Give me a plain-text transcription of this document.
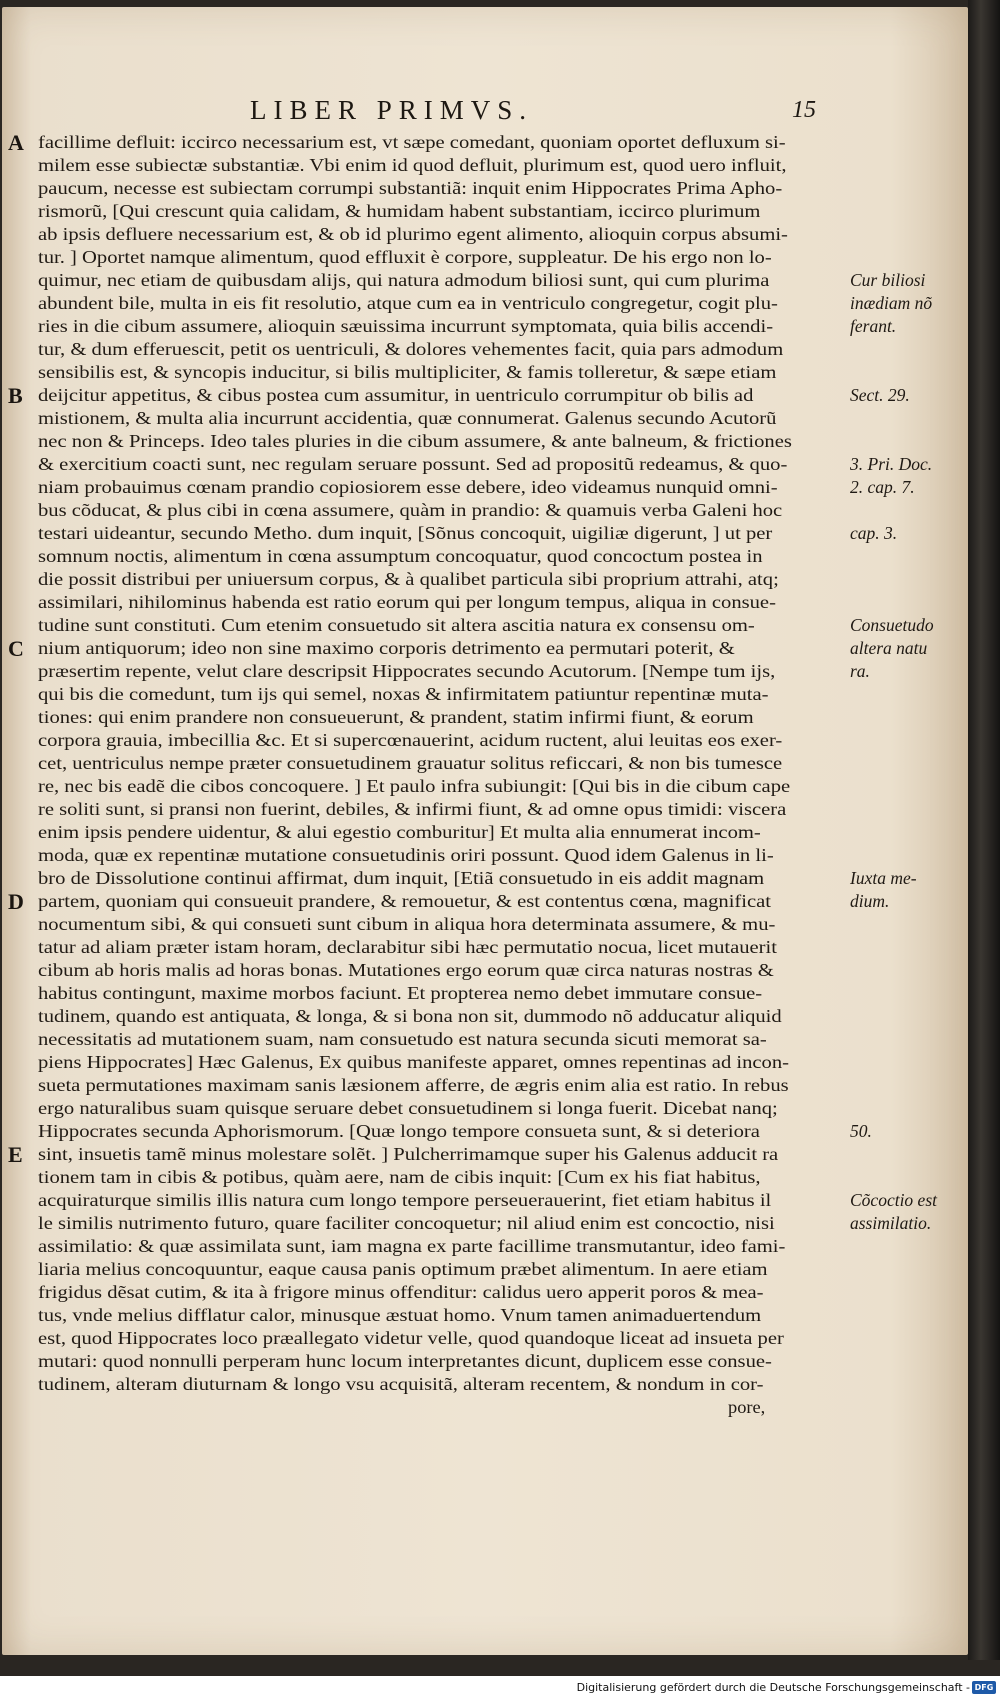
LIBER PRIMVS.	15
A facillime defluit: iccirco necessarium est, vt sæpe comedant, quoniam oportet defluxum si-
milem esse subiectæ substantiæ. Vbi enim id quod defluit, plurimum est, quod uero influit,
paucum, necesse est subiectam corrumpi substantiã: inquit enim Hippocrates Prima Apho-
rismorũ, [Qui crescunt quia calidam, & humidam habent substantiam, iccirco plurimum
ab ipsis defluere necessarium est, & ob id plurimo egent alimento, alioquin corpus absumi-
tur. ] Oportet namque alimentum, quod effluxit è corpore, suppleatur. De his ergo non lo-
quimur, nec etiam de quibusdam alijs, qui natura admodum biliosi sunt, qui cum plurima
abundent bile, multa in eis fit resolutio, atque cum ea in ventriculo congregetur, cogit plu-
ries in die cibum assumere, alioquin sæuissima incurrunt symptomata, quia bilis accendi-
tur, & dum efferuescit, petit os uentriculi, & dolores vehementes facit, quia pars admodum
sensibilis est, & syncopis inducitur, si bilis multipliciter, & famis tolleretur, & sæpe etiam
B deijcitur appetitus, & cibus postea cum assumitur, in uentriculo corrumpitur ob bilis ad
mistionem, & multa alia incurrunt accidentia, quæ connumerat. Galenus secundo Acutorũ
nec non & Princeps. Ideo tales pluries in die cibum assumere, & ante balneum, & frictiones
& exercitium coacti sunt, nec regulam seruare possunt. Sed ad propositũ redeamus, & quo-
niam probauimus cœnam prandio copiosiorem esse debere, ideo videamus nunquid omni-
bus cõducat, & plus cibi in cœna assumere, quàm in prandio: & quamuis verba Galeni hoc
testari uideantur, secundo Metho. dum inquit, [Sõnus concoquit, uigiliæ digerunt, ] ut per
somnum noctis, alimentum in cœna assumptum concoquatur, quod concoctum postea in
die possit distribui per uniuersum corpus, & à qualibet particula sibi proprium attrahi, atq;
assimilari, nihilominus habenda est ratio eorum qui per longum tempus, aliqua in consue-
tudine sunt constituti. Cum etenim consuetudo sit altera ascitia natura ex consensu om-
C nium antiquorum; ideo non sine maximo corporis detrimento ea permutari poterit, &
præsertim repente, velut clare descripsit Hippocrates secundo Acutorum. [Nempe tum ijs,
qui bis die comedunt, tum ijs qui semel, noxas & infirmitatem patiuntur repentinæ muta-
tiones: qui enim prandere non consueuerunt, & prandent, statim infirmi fiunt, & eorum
corpora grauia, imbecillia &c. Et si supercœnauerint, acidum ructent, alui leuitas eos exer-
cet, uentriculus nempe præter consuetudinem grauatur solitus reficcari, & non bis tumesce
re, nec bis eadẽ die cibos concoquere. ] Et paulo infra subiungit: [Qui bis in die cibum cape
re soliti sunt, si pransi non fuerint, debiles, & infirmi fiunt, & ad omne opus timidi: viscera
enim ipsis pendere uidentur, & alui egestio comburitur] Et multa alia ennumerat incom-
moda, quæ ex repentinæ mutatione consuetudinis oriri possunt. Quod idem Galenus in li-
bro de Dissolutione continui affirmat, dum inquit, [Etiã consuetudo in eis addit magnam
D partem, quoniam qui consueuit prandere, & remouetur, & est contentus cœna, magnificat
nocumentum sibi, & qui consueti sunt cibum in aliqua hora determinata assumere, & mu-
tatur ad aliam præter istam horam, declarabitur sibi hæc permutatio nocua, licet mutauerit
cibum ab horis malis ad horas bonas. Mutationes ergo eorum quæ circa naturas nostras &
habitus contingunt, maxime morbos faciunt. Et propterea nemo debet immutare consue-
tudinem, quando est antiquata, & longa, & si bona non sit, dummodo nõ adducatur aliquid
necessitatis ad mutationem suam, nam consuetudo est natura secunda sicuti memorat sa-
piens Hippocrates] Hæc Galenus, Ex quibus manifeste apparet, omnes repentinas ad incon-
sueta permutationes maximam sanis læsionem afferre, de ægris enim alia est ratio. In rebus
ergo naturalibus suam quisque seruare debet consuetudinem si longa fuerit. Dicebat nanq;
Hippocrates secunda Aphorismorum. [Quæ longo tempore consueta sunt, & si deteriora
E sint, insuetis tamẽ minus molestare solẽt. ] Pulcherrimamque super his Galenus adducit ra
tionem tam in cibis & potibus, quàm aere, nam de cibis inquit: [Cum ex his fiat habitus,
acquiraturque similis illis natura cum longo tempore perseuerauerint, fiet etiam habitus il
le similis nutrimento futuro, quare faciliter concoquetur; nil aliud enim est concoctio, nisi
assimilatio: & quæ assimilata sunt, iam magna ex parte facillime transmutantur, ideo fami-
liaria melius concoquuntur, eaque causa panis optimum præbet alimentum. In aere etiam
frigidus dẽsat cutim, & ita à frigore minus offenditur: calidus uero apperit poros & mea-
tus, vnde melius difflatur calor, minusque æstuat homo. Vnum tamen animaduertendum
est, quod Hippocrates loco præallegato videtur velle, quod quandoque liceat ad insueta per
mutari: quod nonnulli perperam hunc locum interpretantes dicunt, duplicem esse consue-
tudinem, alteram diuturnam & longo vsu acquisitã, alteram recentem, & nondum in cor-
pore,
Cur biliosi
inædiam nõ
ferant.
Sect. 29.
3. Pri. Doc.
2. cap. 7.
cap. 3.
Consuetudo
altera natu
ra.
Iuxta me-
dium.
50.
Cõcoctio est
assimilatio.
Digitalisierung gefördert durch die Deutsche Forschungsgemeinschaft - DFG
